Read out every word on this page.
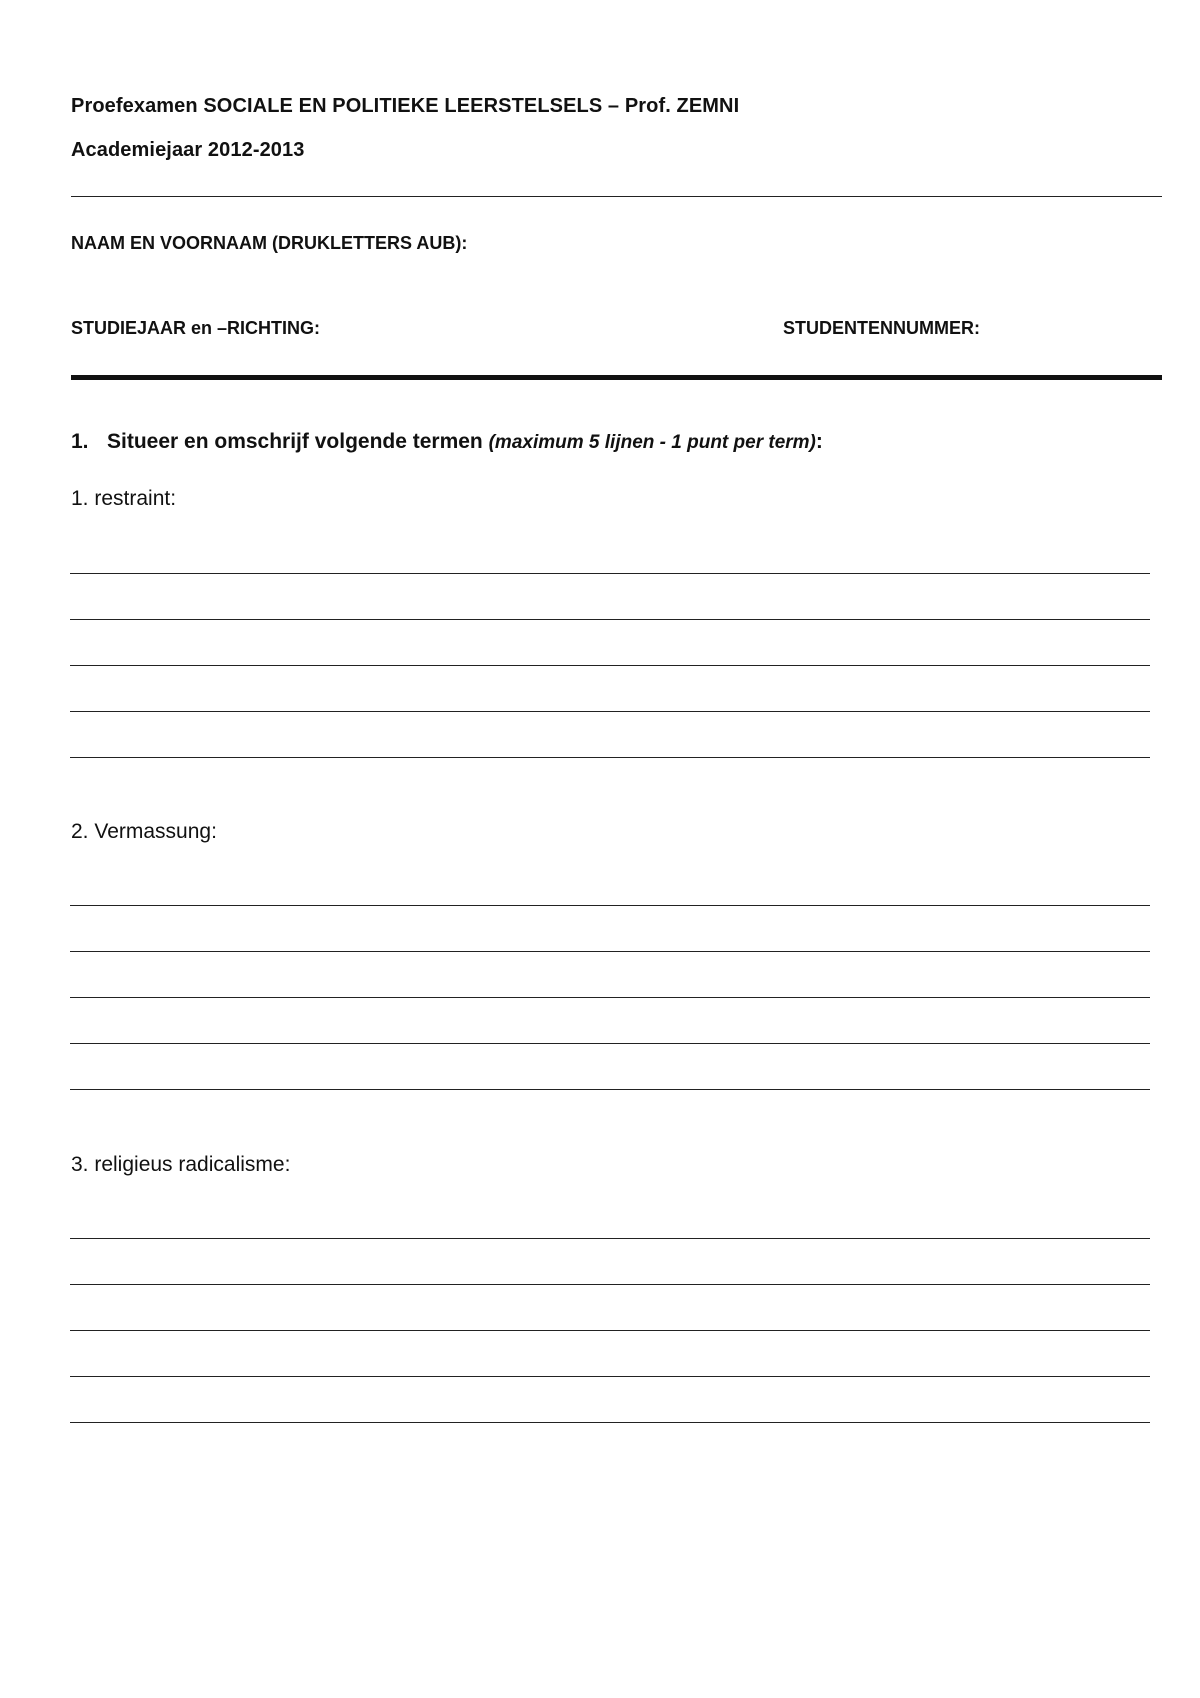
Proefexamen SOCIALE EN POLITIEKE LEERSTELSELS – Prof. ZEMNI
Academiejaar 2012-2013
NAAM EN VOORNAAM (DRUKLETTERS AUB):
STUDIEJAAR en –RICHTING:	STUDENTENNUMMER:
1. Situeer en omschrijf volgende termen (maximum 5 lijnen - 1 punt per term):
1. restraint:
2. Vermassung:
3. religieus radicalisme:
